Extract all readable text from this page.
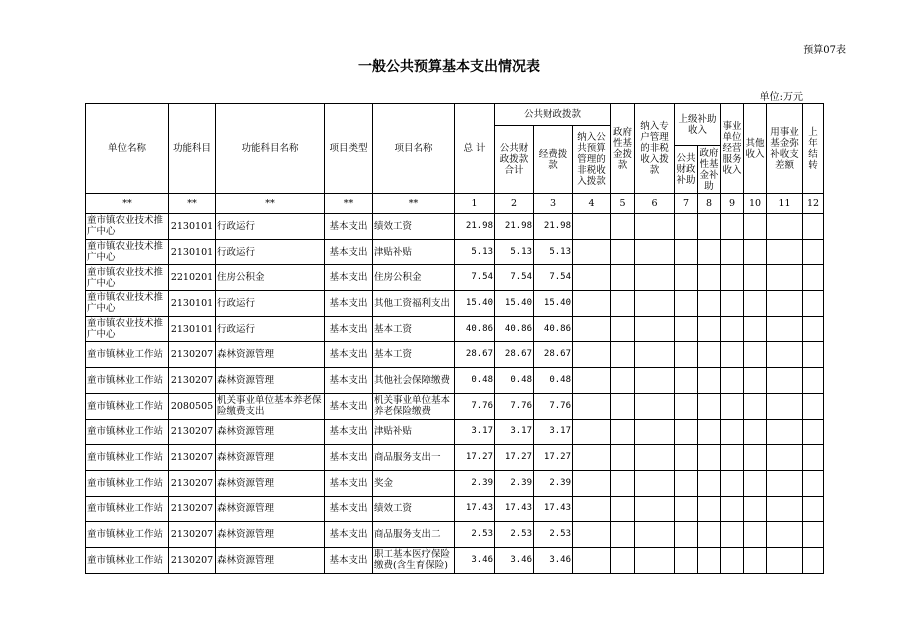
预算07表
一般公共预算基本支出情况表
单位:万元
单位名称	功能科目	功能科目名称	项目类型	项目名称	总 计	公共财政拨款			政府性基金拨款	纳入专户管理的非税收入拨款	上级补助收入		事业单位经营服务收入	其他收入	用事业基金弥补收支差额	上年结转
						公共财政拨款合计	经费拨款	纳入公共预算管理的非税收入拨款								
											公共财政补助	政府性基金补助				
**	**	**	**	**	1	2	3	4	5	6	7	8	9	10	11	12
童市镇农业技术推广中心	2130101	行政运行	基本支出	绩效工资	21.98	21.98	21.98									
童市镇农业技术推广中心	2130101	行政运行	基本支出	津贴补贴	5.13	5.13	5.13									
童市镇农业技术推广中心	2210201	住房公积金	基本支出	住房公积金	7.54	7.54	7.54									
童市镇农业技术推广中心	2130101	行政运行	基本支出	其他工资福利支出	15.40	15.40	15.40									
童市镇农业技术推广中心	2130101	行政运行	基本支出	基本工资	40.86	40.86	40.86									
童市镇林业工作站	2130207	森林资源管理	基本支出	基本工资	28.67	28.67	28.67									
童市镇林业工作站	2130207	森林资源管理	基本支出	其他社会保障缴费	0.48	0.48	0.48									
童市镇林业工作站	2080505	机关事业单位基本养老保险缴费支出	基本支出	机关事业单位基本养老保险缴费	7.76	7.76	7.76									
童市镇林业工作站	2130207	森林资源管理	基本支出	津贴补贴	3.17	3.17	3.17									
童市镇林业工作站	2130207	森林资源管理	基本支出	商品服务支出一	17.27	17.27	17.27									
童市镇林业工作站	2130207	森林资源管理	基本支出	奖金	2.39	2.39	2.39									
童市镇林业工作站	2130207	森林资源管理	基本支出	绩效工资	17.43	17.43	17.43									
童市镇林业工作站	2130207	森林资源管理	基本支出	商品服务支出二	2.53	2.53	2.53									
童市镇林业工作站	2130207	森林资源管理	基本支出	职工基本医疗保险缴费(含生育保险)	3.46	3.46	3.46									
